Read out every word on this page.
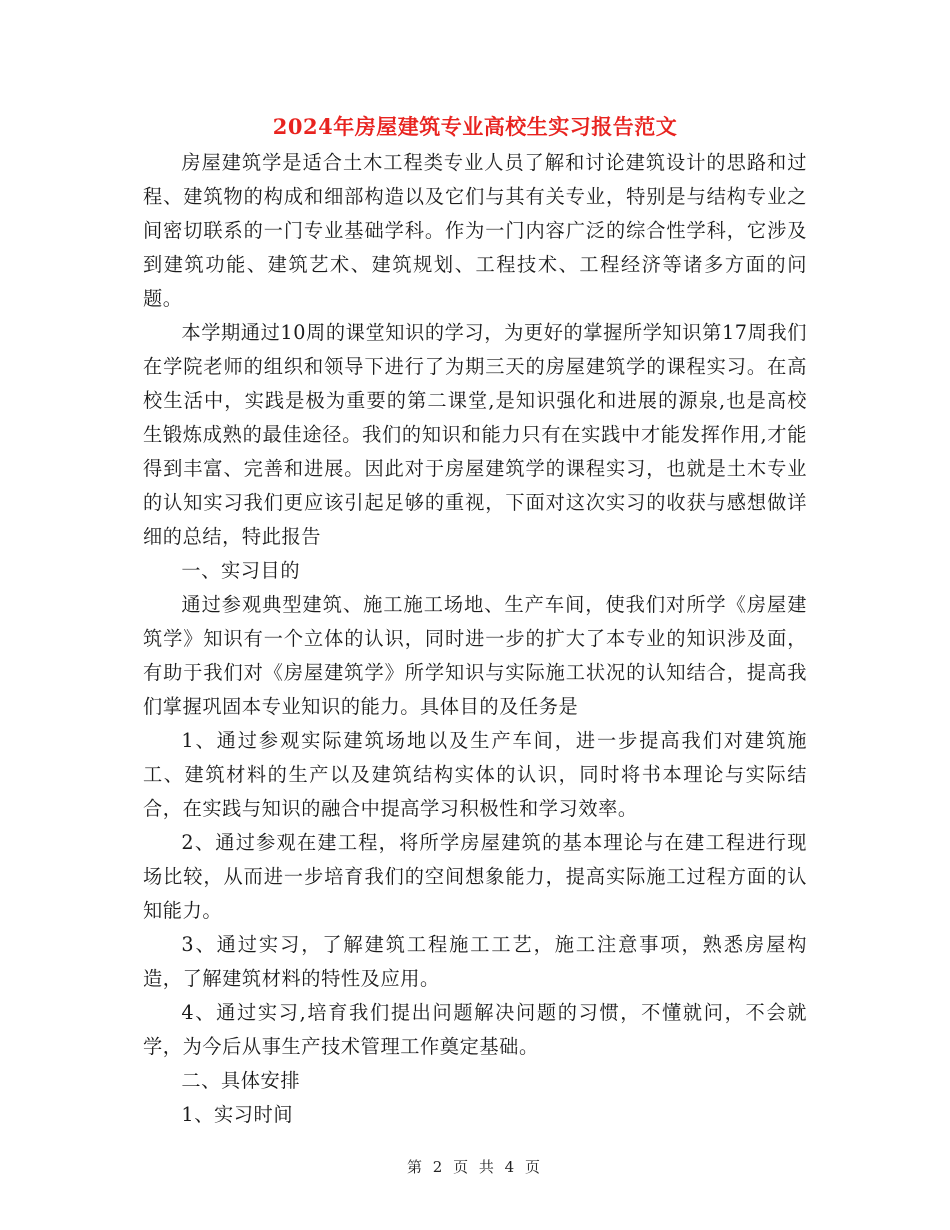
2024年房屋建筑专业高校生实习报告范文

房屋建筑学是适合土木工程类专业人员了解和讨论建筑设计的思路和过程、建筑物的构成和细部构造以及它们与其有关专业，特别是与结构专业之间密切联系的一门专业基础学科。作为一门内容广泛的综合性学科，它涉及到建筑功能、建筑艺术、建筑规划、工程技术、工程经济等诸多方面的问题。

本学期通过10周的课堂知识的学习，为更好的掌握所学知识第17周我们在学院老师的组织和领导下进行了为期三天的房屋建筑学的课程实习。在高校生活中，实践是极为重要的第二课堂,是知识强化和进展的源泉,也是高校生锻炼成熟的最佳途径。我们的知识和能力只有在实践中才能发挥作用,才能得到丰富、完善和进展。因此对于房屋建筑学的课程实习，也就是土木专业的认知实习我们更应该引起足够的重视，下面对这次实习的收获与感想做详细的总结，特此报告

一、实习目的

通过参观典型建筑、施工施工场地、生产车间，使我们对所学《房屋建筑学》知识有一个立体的认识，同时进一步的扩大了本专业的知识涉及面，有助于我们对《房屋建筑学》所学知识与实际施工状况的认知结合，提高我们掌握巩固本专业知识的能力。具体目的及任务是

1、通过参观实际建筑场地以及生产车间，进一步提高我们对建筑施工、建筑材料的生产以及建筑结构实体的认识，同时将书本理论与实际结合，在实践与知识的融合中提高学习积极性和学习效率。

2、通过参观在建工程，将所学房屋建筑的基本理论与在建工程进行现场比较，从而进一步培育我们的空间想象能力，提高实际施工过程方面的认知能力。

3、通过实习，了解建筑工程施工工艺，施工注意事项，熟悉房屋构造，了解建筑材料的特性及应用。

4、通过实习,培育我们提出问题解决问题的习惯，不懂就问，不会就学，为今后从事生产技术管理工作奠定基础。

二、具体安排

1、实习时间

第 2 页 共 4 页
